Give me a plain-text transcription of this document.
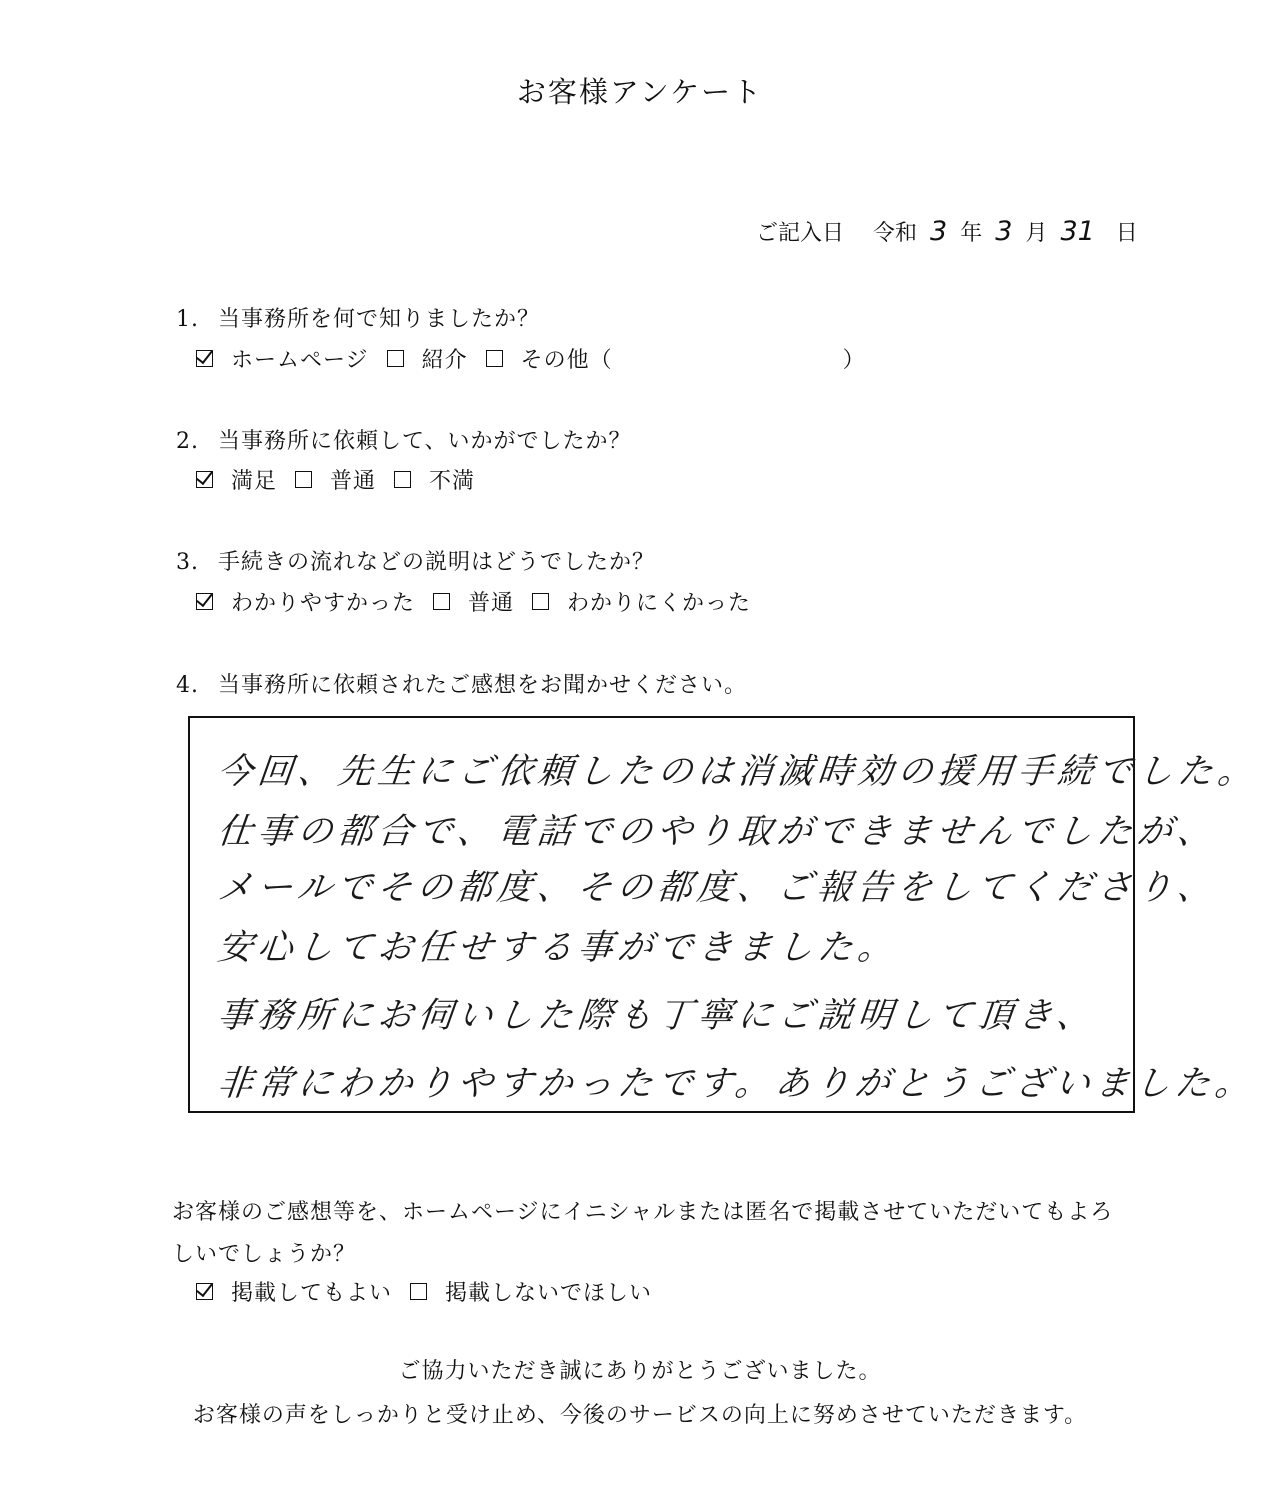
お客様アンケート
ご記入日 令和 3 年 3 月 31 日
1. 当事務所を何で知りましたか？
ホームページ 紹介 その他（　　　　　　　　　　）
2. 当事務所に依頼して、いかがでしたか？
満足 普通 不満
3. 手続きの流れなどの説明はどうでしたか？
わかりやすかった 普通 わかりにくかった
4. 当事務所に依頼されたご感想をお聞かせください。
今回、先生にご依頼したのは消滅時効の援用手続でした。
仕事の都合で、電話でのやり取ができませんでしたが、
メールでその都度、その都度、ご報告をしてくださり、
安心してお任せする事ができました。
事務所にお伺いした際も丁寧にご説明して頂き、
非常にわかりやすかったです。ありがとうございました。
お客様のご感想等を、ホームページにイニシャルまたは匿名で掲載させていただいてもよろしいでしょうか？
掲載してもよい 掲載しないでほしい
ご協力いただき誠にありがとうございました。
お客様の声をしっかりと受け止め、今後のサービスの向上に努めさせていただきます。
